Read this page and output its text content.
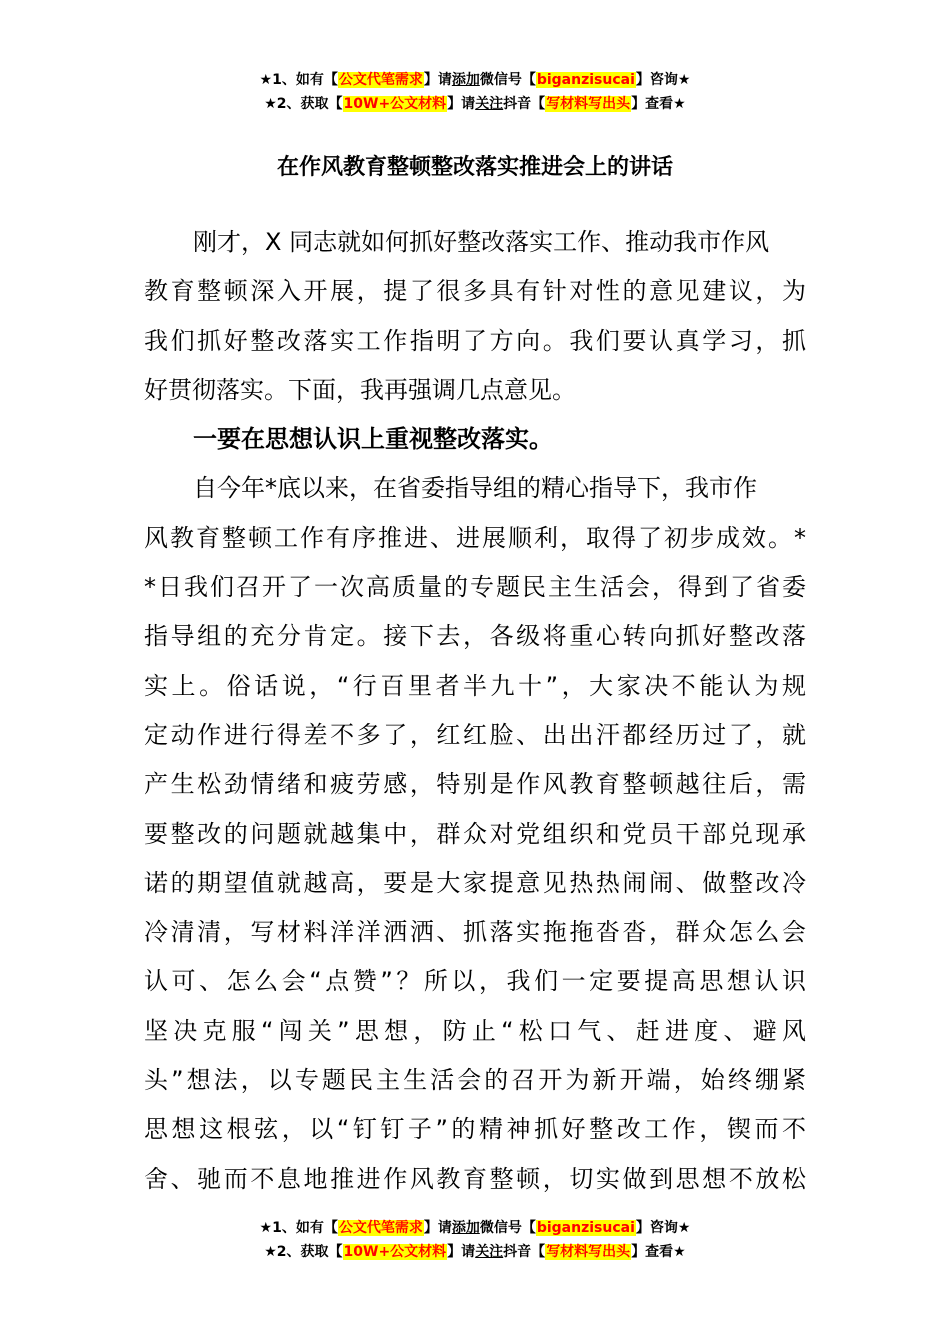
★1、如有【公文代笔需求】请添加微信号【biganzisucai】咨询★
★2、获取【10W+公文材料】请关注抖音【写材料写出头】查看★
在作风教育整顿整改落实推进会上的讲话
刚才，X 同志就如何抓好整改落实工作、推动我市作风
教育整顿深入开展，提了很多具有针对性的意见建议，为
我们抓好整改落实工作指明了方向。我们要认真学习，抓
好贯彻落实。下面，我再强调几点意见。
一要在思想认识上重视整改落实。
自今年*底以来，在省委指导组的精心指导下，我市作
风教育整顿工作有序推进、进展顺利，取得了初步成效。*
*日我们召开了一次高质量的专题民主生活会，得到了省委
指导组的充分肯定。接下去，各级将重心转向抓好整改落
实上。俗话说，“行百里者半九十”，大家决不能认为规
定动作进行得差不多了，红红脸、出出汗都经历过了，就
产生松劲情绪和疲劳感，特别是作风教育整顿越往后，需
要整改的问题就越集中，群众对党组织和党员干部兑现承
诺的期望值就越高，要是大家提意见热热闹闹、做整改冷
冷清清，写材料洋洋洒洒、抓落实拖拖沓沓，群众怎么会
认可、怎么会“点赞”？所以，我们一定要提高思想认识
坚决克服“闯关”思想，防止“松口气、赶进度、避风
头”想法，以专题民主生活会的召开为新开端，始终绷紧
思想这根弦，以“钉钉子”的精神抓好整改工作，锲而不
舍、驰而不息地推进作风教育整顿，切实做到思想不放松
★1、如有【公文代笔需求】请添加微信号【biganzisucai】咨询★
★2、获取【10W+公文材料】请关注抖音【写材料写出头】查看★
